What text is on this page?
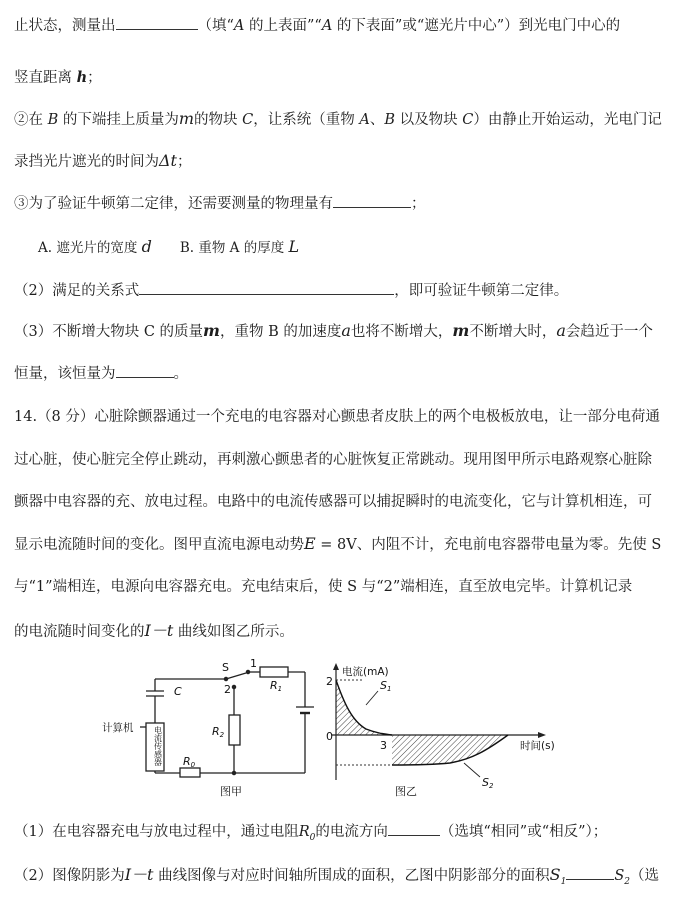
止状态，测量出	（填“A 的上表面”“A 的下表面”或“遮光片中心”）到光电门中心的
竖直距离 h；
②在 B 的下端挂上质量为m的物块 C，让系统（重物 A、B 以及物块 C）由静止开始运动，光电门记
录挡光片遮光的时间为Δt；
③为了验证牛顿第二定律，还需要测量的物理量有	；
A. 遮光片的宽度 d B. 重物 A 的厚度 L
（2）满足的关系式	，即可验证牛顿第二定律。
（3）不断增大物块 C 的质量m，重物 B 的加速度a也将不断增大，m不断增大时，a会趋近于一个
恒量，该恒量为	。
14.（8 分）心脏除颤器通过一个充电的电容器对心颤患者皮肤上的两个电极板放电，让一部分电荷通
过心脏，使心脏完全停止跳动，再刺激心颤患者的心脏恢复正常跳动。现用图甲所示电路观察心脏除
颤器中电容器的充、放电过程。电路中的电流传感器可以捕捉瞬时的电流变化，它与计算机相连，可
显示电流随时间的变化。图甲直流电源电动势E = 8V、内阻不计，充电前电容器带电量为零。先使 S
与“1”端相连，电源向电容器充电。充电结束后，使 S 与“2”端相连，直至放电完毕。计算机记录
的电流随时间变化的I－t 曲线如图乙所示。
C
S 1
2	R1
R2
R0
计算机	电流传感器
图甲
电流(mA)
时间(s)
2
0
3
S1
S2
图乙
（1）在电容器充电与放电过程中，通过电阻$R_0$的电流方向	（选填“相同”或“相反”）；
（2）图像阴影为I－t 曲线图像与对应时间轴所围成的面积，乙图中阴影部分的面积$S_1$	$S_2$（选
